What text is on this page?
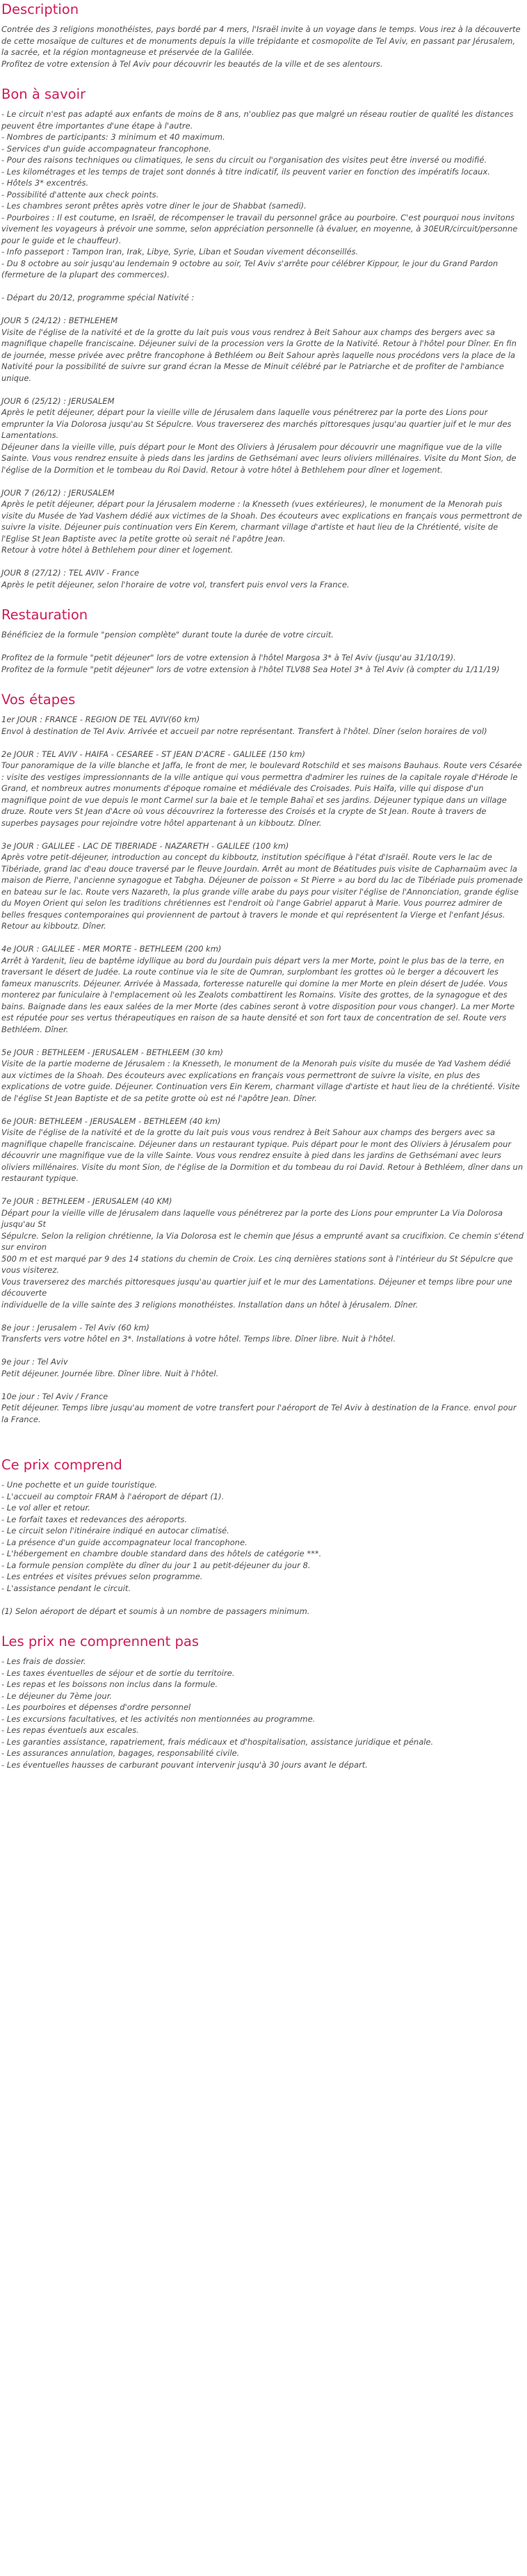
Description

Contrée des 3 religions monothéistes, pays bordé par 4 mers, l'Israël invite à un voyage dans le temps. Vous irez à la découverte de cette mosaïque de cultures et de monuments depuis la ville trépidante et cosmopolite de Tel Aviv, en passant par Jérusalem, la sacrée, et la région montagneuse et préservée de la Galilée.
Profitez de votre extension à Tel Aviv pour découvrir les beautés de la ville et de ses alentours.

Bon à savoir

- Le circuit n'est pas adapté aux enfants de moins de 8 ans, n'oubliez pas que malgré un réseau routier de qualité les distances peuvent être importantes d'une étape à l'autre.
- Nombres de participants: 3 minimum et 40 maximum.
- Services d'un guide accompagnateur francophone.
- Pour des raisons techniques ou climatiques, le sens du circuit ou l'organisation des visites peut être inversé ou modifié.
- Les kilométrages et les temps de trajet sont donnés à titre indicatif, ils peuvent varier en fonction des impératifs locaux.
- Hôtels 3* excentrés.
- Possibilité d'attente aux check points.
- Les chambres seront prêtes après votre diner le jour de Shabbat (samedi).
- Pourboires : Il est coutume, en Israël, de récompenser le travail du personnel grâce au pourboire. C'est pourquoi nous invitons vivement les voyageurs à prévoir une somme, selon appréciation personnelle (à évaluer, en moyenne, à 30EUR/circuit/personne pour le guide et le chauffeur).
- Info passeport : Tampon Iran, Irak, Libye, Syrie, Liban et Soudan vivement déconseillés.
- Du 8 octobre au soir jusqu'au lendemain 9 octobre au soir, Tel Aviv s'arrête pour célébrer Kippour, le jour du Grand Pardon (fermeture de la plupart des commerces).

- Départ du 20/12, programme spécial Nativité :

JOUR 5 (24/12) : BETHLEHEM
Visite de l'église de la nativité et de la grotte du lait puis vous vous rendrez à Beit Sahour aux champs des bergers avec sa magnifique chapelle franciscaine. Déjeuner suivi de la procession vers la Grotte de la Nativité. Retour à l'hôtel pour Dîner. En fin de journée, messe privée avec prêtre francophone à Bethléem ou Beit Sahour après laquelle nous procédons vers la place de la Nativité pour la possibilité de suivre sur grand écran la Messe de Minuit célébré par le Patriarche et de profiter de l'ambiance unique.

JOUR 6 (25/12) : JERUSALEM
Après le petit déjeuner, départ pour la vieille ville de Jérusalem dans laquelle vous pénétrerez par la porte des Lions pour emprunter la Via Dolorosa jusqu'au St Sépulcre. Vous traverserez des marchés pittoresques jusqu'au quartier juif et le mur des Lamentations.
Déjeuner dans la vieille ville, puis départ pour le Mont des Oliviers à Jérusalem pour découvrir une magnifique vue de la ville Sainte. Vous vous rendrez ensuite à pieds dans les jardins de Gethsémani avec leurs oliviers millénaires. Visite du Mont Sion, de l'église de la Dormition et le tombeau du Roi David. Retour à votre hôtel à Bethlehem pour dîner et logement.

JOUR 7 (26/12) : JERUSALEM
Après le petit déjeuner, départ pour la Jérusalem moderne : la Knesseth (vues extérieures), le monument de la Menorah puis visite du Musée de Yad Vashem dédié aux victimes de la Shoah. Des écouteurs avec explications en français vous permettront de suivre la visite. Déjeuner puis continuation vers Ein Kerem, charmant village d'artiste et haut lieu de la Chrétienté, visite de l'Eglise St Jean Baptiste avec la petite grotte où serait né l'apôtre Jean.
Retour à votre hôtel à Bethlehem pour diner et logement.

JOUR 8 (27/12) : TEL AVIV - France
Après le petit déjeuner, selon l'horaire de votre vol, transfert puis envol vers la France.

Restauration

Bénéficiez de la formule "pension complète" durant toute la durée de votre circuit.

Profitez de la formule "petit déjeuner" lors de votre extension à l'hôtel Margosa 3* à Tel Aviv (jusqu'au 31/10/19).
Profitez de la formule "petit déjeuner" lors de votre extension à l'hôtel TLV88 Sea Hotel 3* à Tel Aviv (à compter du 1/11/19)

Vos étapes

1er JOUR : FRANCE - REGION DE TEL AVIV(60 km)
Envol à destination de Tel Aviv. Arrivée et accueil par notre représentant. Transfert à l'hôtel. Dîner (selon horaires de vol)

2e JOUR : TEL AVIV - HAIFA - CESAREE - ST JEAN D'ACRE - GALILEE (150 km)
Tour panoramique de la ville blanche et Jaffa, le front de mer, le boulevard Rotschild et ses maisons Bauhaus. Route vers Césarée : visite des vestiges impressionnants de la ville antique qui vous permettra d'admirer les ruines de la capitale royale d'Hérode le Grand, et nombreux autres monuments d'époque romaine et médiévale des Croisades. Puis Haïfa, ville qui dispose d'un magnifique point de vue depuis le mont Carmel sur la baie et le temple Bahaï et ses jardins. Déjeuner typique dans un village druze. Route vers St Jean d'Acre où vous découvrirez la forteresse des Croisés et la crypte de St Jean. Route à travers de superbes paysages pour rejoindre votre hôtel appartenant à un kibboutz. Dîner.

3e JOUR : GALILEE - LAC DE TIBERIADE - NAZARETH - GALILEE (100 km)
Après votre petit-déjeuner, introduction au concept du kibboutz, institution spécifique à l'état d'Israël. Route vers le lac de Tibériade, grand lac d'eau douce traversé par le fleuve Jourdain. Arrêt au mont de Béatitudes puis visite de Capharnaüm avec la maison de Pierre, l'ancienne synagogue et Tabgha. Déjeuner de poisson « St Pierre » au bord du lac de Tibériade puis promenade en bateau sur le lac. Route vers Nazareth, la plus grande ville arabe du pays pour visiter l'église de l'Annonciation, grande église du Moyen Orient qui selon les traditions chrétiennes est l'endroit où l'ange Gabriel apparut à Marie. Vous pourrez admirer de belles fresques contemporaines qui proviennent de partout à travers le monde et qui représentent la Vierge et l'enfant Jésus. Retour au kibboutz. Dîner.

4e JOUR : GALILEE - MER MORTE - BETHLEEM (200 km)
Arrêt à Yardenit, lieu de baptême idyllique au bord du Jourdain puis départ vers la mer Morte, point le plus bas de la terre, en traversant le désert de Judée. La route continue via le site de Qumran, surplombant les grottes où le berger a découvert les fameux manuscrits. Déjeuner. Arrivée à Massada, forteresse naturelle qui domine la mer Morte en plein désert de Judée. Vous monterez par funiculaire à l'emplacement où les Zealots combattirent les Romains. Visite des grottes, de la synagogue et des bains. Baignade dans les eaux salées de la mer Morte (des cabines seront à votre disposition pour vous changer). La mer Morte est réputée pour ses vertus thérapeutiques en raison de sa haute densité et son fort taux de concentration de sel. Route vers Bethléem. Dîner.

5e JOUR : BETHLEEM - JERUSALEM - BETHLEEM (30 km)
Visite de la partie moderne de Jérusalem : la Knesseth, le monument de la Menorah puis visite du musée de Yad Vashem dédié aux victimes de la Shoah. Des écouteurs avec explications en français vous permettront de suivre la visite, en plus des explications de votre guide. Déjeuner. Continuation vers Ein Kerem, charmant village d'artiste et haut lieu de la chrétienté. Visite de l'église St Jean Baptiste et de sa petite grotte où est né l'apôtre Jean. Dîner.

6e JOUR: BETHLEEM - JERUSALEM - BETHLEEM (40 km)
Visite de l'église de la nativité et de la grotte du lait puis vous vous rendrez à Beit Sahour aux champs des bergers avec sa magnifique chapelle franciscaine. Déjeuner dans un restaurant typique. Puis départ pour le mont des Oliviers à Jérusalem pour découvrir une magnifique vue de la ville Sainte. Vous vous rendrez ensuite à pied dans les jardins de Gethsémani avec leurs oliviers millénaires. Visite du mont Sion, de l'église de la Dormition et du tombeau du roi David. Retour à Bethléem, dîner dans un restaurant typique.

7e JOUR : BETHLEEM - JERUSALEM (40 KM)
Départ pour la vieille ville de Jérusalem dans laquelle vous pénétrerez par la porte des Lions pour emprunter La Via Dolorosa jusqu'au St
Sépulcre. Selon la religion chrétienne, la Via Dolorosa est le chemin que Jésus a emprunté avant sa crucifixion. Ce chemin s'étend sur environ
500 m et est marqué par 9 des 14 stations du chemin de Croix. Les cinq dernières stations sont à l'intérieur du St Sépulcre que vous visiterez.
Vous traverserez des marchés pittoresques jusqu'au quartier juif et le mur des Lamentations. Déjeuner et temps libre pour une découverte
individuelle de la ville sainte des 3 religions monothéistes. Installation dans un hôtel à Jérusalem. Dîner.

8e jour : Jerusalem - Tel Aviv (60 km)
Transferts vers votre hôtel en 3*. Installations à votre hôtel. Temps libre. Dîner libre. Nuit à l'hôtel.

9e jour : Tel Aviv
Petit déjeuner. Journée libre. Dîner libre. Nuit à l'hôtel.

10e jour : Tel Aviv / France
Petit déjeuner. Temps libre jusqu'au moment de votre transfert pour l'aéroport de Tel Aviv à destination de la France. envol pour la France.

Ce prix comprend

- Une pochette et un guide touristique.
- L'accueil au comptoir FRAM à l'aéroport de départ (1).
- Le vol aller et retour.
- Le forfait taxes et redevances des aéroports.
- Le circuit selon l'itinéraire indiqué en autocar climatisé.
- La présence d'un guide accompagnateur local francophone.
- L'hébergement en chambre double standard dans des hôtels de catégorie ***.
- La formule pension complète du dîner du jour 1 au petit-déjeuner du jour 8.
- Les entrées et visites prévues selon programme.
- L'assistance pendant le circuit.

(1) Selon aéroport de départ et soumis à un nombre de passagers minimum.

Les prix ne comprennent pas

- Les frais de dossier.
- Les taxes éventuelles de séjour et de sortie du territoire.
- Les repas et les boissons non inclus dans la formule.
- Le déjeuner du 7ème jour.
- Les pourboires et dépenses d'ordre personnel
- Les excursions facultatives, et les activités non mentionnées au programme.
- Les repas éventuels aux escales.
- Les garanties assistance, rapatriement, frais médicaux et d'hospitalisation, assistance juridique et pénale.
- Les assurances annulation, bagages, responsabilité civile.
- Les éventuelles hausses de carburant pouvant intervenir jusqu'à 30 jours avant le départ.
